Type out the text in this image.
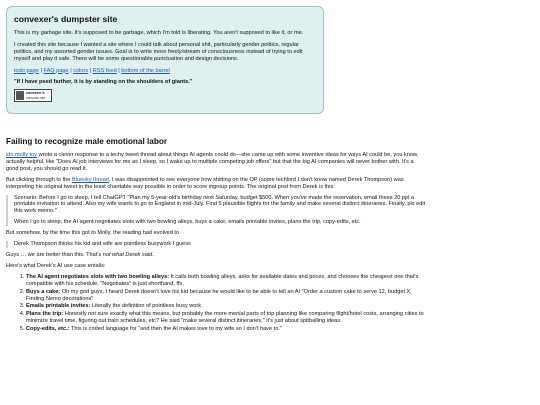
convexer's dumpster site

This is my garbage site. It's supposed to be garbage, which I'm told is liberating. You aren't supposed to like it, or me.

I created this site because I wanted a site where I could talk about personal shit, particularly gender politics, regular politics, and my assorted gender issues. Goal is to write more freely/stream of consciousness instead of trying to edit myself and play it safe. There will be some questionable punctuation and design decisions.

todo page | FAQ page | colors | RSS feed | bottom of the barrel
"If I have peed farther, it is by standing on the shoulders of giants."
convexer's
dumpster site
Failing to recognize male emotional labor

idri molly toy wrote a clever response to a techy tweet thread about things AI agents could do—she came up with some inventive ideas for ways AI could be, you know, actually helpful, like "Does AI job interviews for me as I sleep, so I wake up to multiple competing job offers" but that the big AI companies will never bother with. It's a good post, you should go read it.

But clicking through to the Bluesky thread, I was disappointed to see everyone how shitting on the OP (some techlord I don't know named Derek Thompson) was interpreting his original tweet in the least charitable way possible in order to score ingroup points. The original post from Derek is this:

Scenario: Before I go to sleep, I tell ChatGPT "Plan my 5-year-old's birthday next Saturday, budget $500. When you've made the reservation, email these 20 ppl a printable invitation to attend. Also my wife wants to go to England in mid-July. Find 5 plausible flights for the family and make several distinct itineraries. Finally, pls edit this work memo."

When I go to sleep, the AI agent negotiates slots with two bowling alleys, buys a cake, emails printable invites, plans the trip, copy-edits, etc.

But somehow, by the time this got to Molly, the reading had evolved to

Derek Thompson thinks his kid and wife are pointless busywork I guess

Guys … we are better than this. That's not what Derek said.

Here's what Derek's AI use case entails:

1. The AI agent negotiates slots with two bowling alleys: It calls both bowling alleys, asks for available dates and prices, and chooses the cheapest one that's compatible with his schedule. "Negotiates" is just shorthand, ffs.
2. Buys a cake: Oh my god guys, I heard Derek doesn't love his kid because he would like to be able to tell an AI "Order a custom cake to serve 12, budget X, Finding Nemo decorations"
3. Emails printable invites: Literally the definition of pointless busy work
4. Plans the trip: Honestly not sure exactly what this means, but probably the more menial parts of trip planning like comparing flight/hotel costs, arranging cities to minimize travel time, figuring out train schedules, etc? He said "make several distinct itineraries," it's just about spitballing ideas.
5. Copy-edits, etc.: This is coded language for "and then the AI makes love to my wife so I don't have to."
